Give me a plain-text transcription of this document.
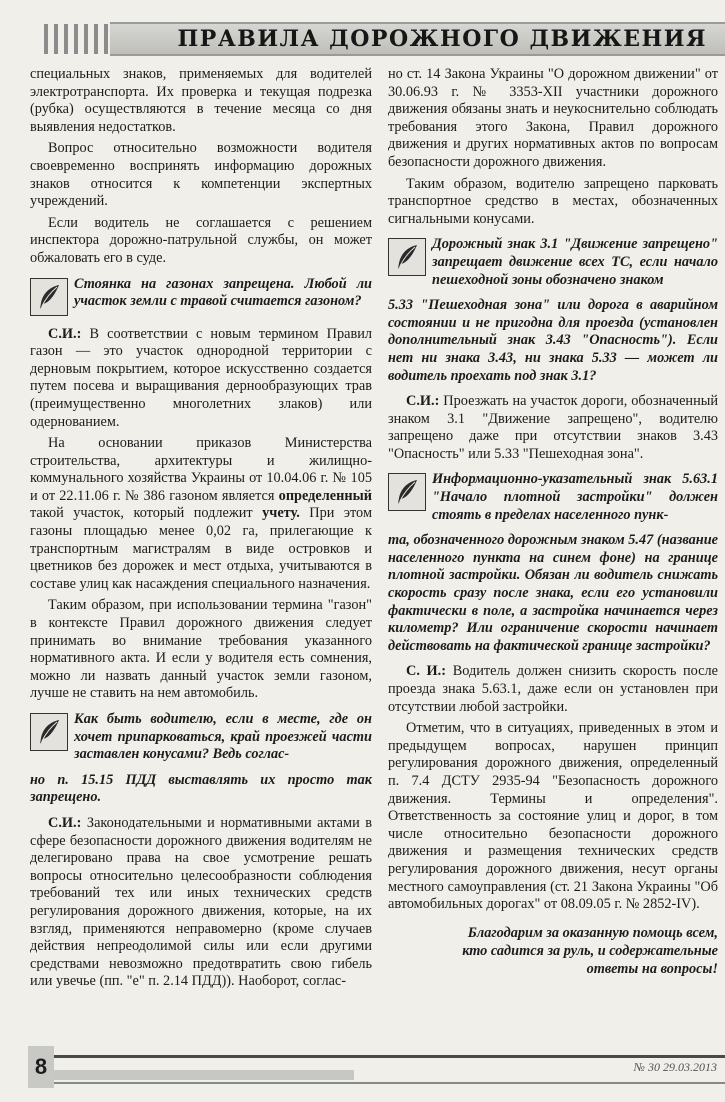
ПРАВИЛА ДОРОЖНОГО ДВИЖЕНИЯ

специальных знаков, применяемых для водителей электротранспорта. Их проверка и текущая подрезка (рубка) осуществляются в течение месяца со дня выявления недостатков.

Вопрос относительно возможности водителя своевременно воспринять информацию дорожных знаков относится к компетенции экспертных учреждений.

Если водитель не соглашается с решением инспектора дорожно-патрульной службы, он может обжаловать его в суде.

Стоянка на газонах запрещена. Любой ли участок земли с травой считается газоном?

С.И.: В соответствии с новым термином Правил газон — это участок однородной территории с дерновым покрытием, которое искусственно создается путем посева и выращивания дернообразующих трав (преимущественно многолетних злаков) или одернованием.

На основании приказов Министерства строительства, архитектуры и жилищно-коммунального хозяйства Украины от 10.04.06 г. № 105 и от 22.11.06 г. № 386 газоном является определенный такой участок, который подлежит учету. При этом газоны площадью менее 0,02 га, прилегающие к транспортным магистралям в виде островков и цветников без дорожек и мест отдыха, учитываются в составе улиц как насаждения специального назначения.

Таким образом, при использовании термина "газон" в контексте Правил дорожного движения следует принимать во внимание требования указанного нормативного акта. И если у водителя есть сомнения, можно ли назвать данный участок земли газоном, лучше не ставить на нем автомобиль.

Как быть водителю, если в месте, где он хочет припарковаться, край проезжей части заставлен конусами? Ведь соглас-
но п. 15.15 ПДД выставлять их просто так запрещено.

С.И.: Законодательными и нормативными актами в сфере безопасности дорожного движения водителям не делегировано права на свое усмотрение решать вопросы относительно целесообразности соблюдения требований тех или иных технических средств регулирования дорожного движения, которые, на их взгляд, применяются неправомерно (кроме случаев действия непреодолимой силы или если другими средствами невозможно предотвратить свою гибель или увечье (пп. "е" п. 2.14 ПДД)). Наоборот, соглас-

но ст. 14 Закона Украины "О дорожном движении" от 30.06.93 г. № 3353-XII участники дорожного движения обязаны знать и неукоснительно соблюдать требования этого Закона, Правил дорожного движения и других нормативных актов по вопросам безопасности дорожного движения.

Таким образом, водителю запрещено парковать транспортное средство в местах, обозначенных сигнальными конусами.

Дорожный знак 3.1 "Движение запрещено" запрещает движение всех ТС, если начало пешеходной зоны обозначено знаком
5.33 "Пешеходная зона" или дорога в аварийном состоянии и не пригодна для проезда (установлен дополнительный знак 3.43 "Опасность"). Если нет ни знака 3.43, ни знака 5.33 — может ли водитель проехать под знак 3.1?

С.И.: Проезжать на участок дороги, обозначенный знаком 3.1 "Движение запрещено", водителю запрещено даже при отсутствии знаков 3.43 "Опасность" или 5.33 "Пешеходная зона".

Информационно-указательный знак 5.63.1 "Начало плотной застройки" должен стоять в пределах населенного пунк-
та, обозначенного дорожным знаком 5.47 (название населенного пункта на синем фоне) на границе плотной застройки. Обязан ли водитель снижать скорость сразу после знака, если его установили фактически в поле, а застройка начинается через километр? Или ограничение скорости начинает действовать на фактической границе застройки?

С. И.: Водитель должен снизить скорость после проезда знака 5.63.1, даже если он установлен при отсутствии любой застройки.

Отметим, что в ситуациях, приведенных в этом и предыдущем вопросах, нарушен принцип регулирования дорожного движения, определенный п. 7.4 ДСТУ 2935-94 "Безопасность дорожного движения. Термины и определения". Ответственность за состояние улиц и дорог, в том числе относительно безопасности дорожного движения и размещения технических средств регулирования дорожного движения, несут органы местного самоуправления (ст. 21 Закона Украины "Об автомобильных дорогах" от 08.09.05 г. № 2852-IV).

Благодарим за оказанную помощь всем,
кто садится за руль, и содержательные
ответы на вопросы!
8	№ 30 29.03.2013
